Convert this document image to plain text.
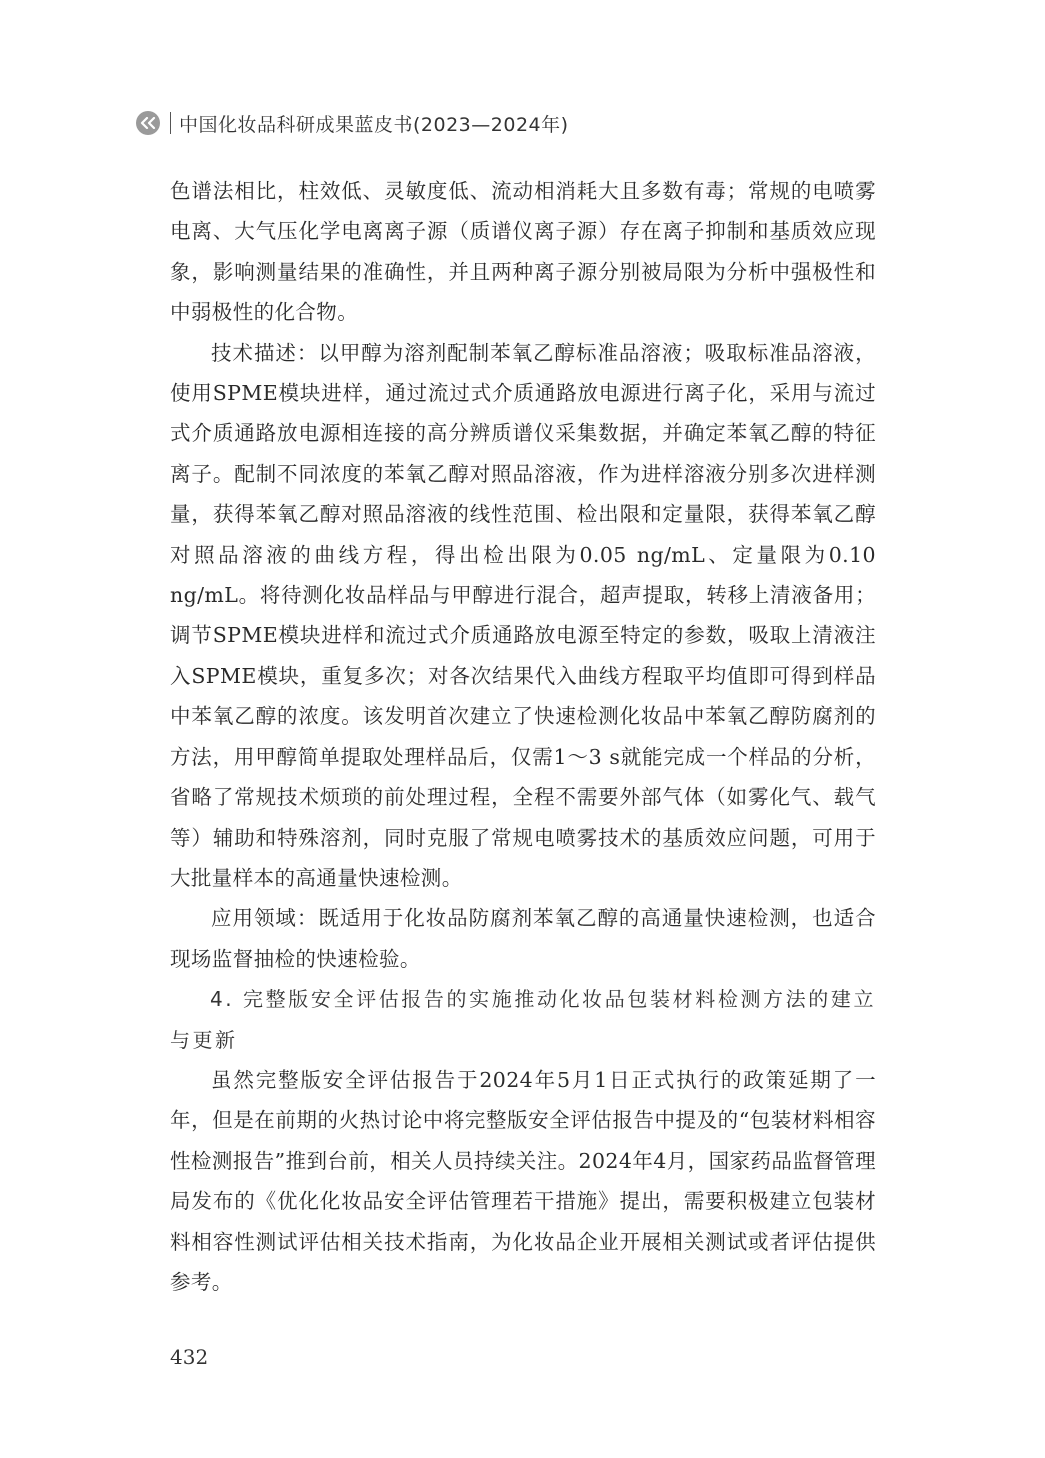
中国化妆品科研成果蓝皮书(2023—2024年)

色谱法相比，柱效低、灵敏度低、流动相消耗大且多数有毒；常规的电喷雾电离、大气压化学电离离子源（质谱仪离子源）存在离子抑制和基质效应现象，影响测量结果的准确性，并且两种离子源分别被局限为分析中强极性和中弱极性的化合物。

技术描述：以甲醇为溶剂配制苯氧乙醇标准品溶液；吸取标准品溶液，使用SPME模块进样，通过流过式介质通路放电源进行离子化，采用与流过式介质通路放电源相连接的高分辨质谱仪采集数据，并确定苯氧乙醇的特征离子。配制不同浓度的苯氧乙醇对照品溶液，作为进样溶液分别多次进样测量，获得苯氧乙醇对照品溶液的线性范围、检出限和定量限，获得苯氧乙醇对照品溶液的曲线方程，得出检出限为0.05 ng/mL、定量限为0.10 ng/mL。将待测化妆品样品与甲醇进行混合，超声提取，转移上清液备用；调节SPME模块进样和流过式介质通路放电源至特定的参数，吸取上清液注入SPME模块，重复多次；对各次结果代入曲线方程取平均值即可得到样品中苯氧乙醇的浓度。该发明首次建立了快速检测化妆品中苯氧乙醇防腐剂的方法，用甲醇简单提取处理样品后，仅需1～3 s就能完成一个样品的分析，省略了常规技术烦琐的前处理过程，全程不需要外部气体（如雾化气、载气等）辅助和特殊溶剂，同时克服了常规电喷雾技术的基质效应问题，可用于大批量样本的高通量快速检测。

应用领域：既适用于化妆品防腐剂苯氧乙醇的高通量快速检测，也适合现场监督抽检的快速检验。

4. 完整版安全评估报告的实施推动化妆品包装材料检测方法的建立与更新

虽然完整版安全评估报告于2024年5月1日正式执行的政策延期了一年，但是在前期的火热讨论中将完整版安全评估报告中提及的“包装材料相容性检测报告”推到台前，相关人员持续关注。2024年4月，国家药品监督管理局发布的《优化化妆品安全评估管理若干措施》提出，需要积极建立包装材料相容性测试评估相关技术指南，为化妆品企业开展相关测试或者评估提供参考。

432
